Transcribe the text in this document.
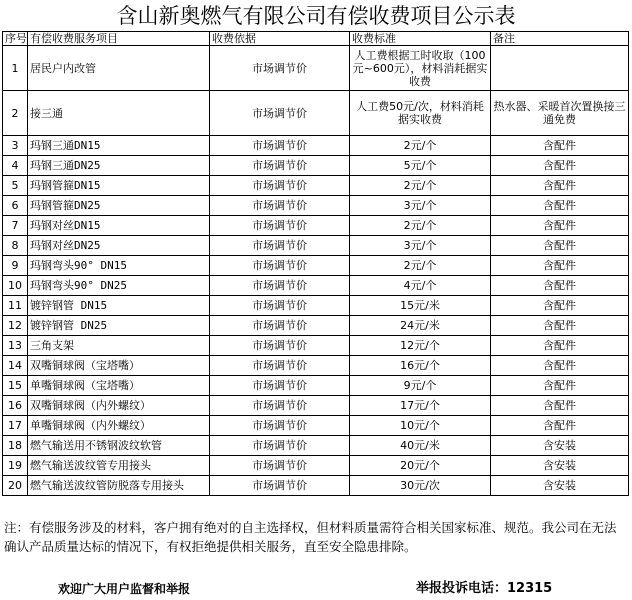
含山新奥燃气有限公司有偿收费项目公示表
序号	有偿收费服务项目	收费依据	收费标准	备注
1	居民户内改管	市场调节价	人工费根据工时收取（100元~600元），材料消耗据实收费	
2	接三通	市场调节价	人工费50元/次，材料消耗据实收费	热水器、采暖首次置换接三通免费
3	玛钢三通DN15	市场调节价	2元/个	含配件
4	玛钢三通DN25	市场调节价	5元/个	含配件
5	玛钢管箍DN15	市场调节价	2元/个	含配件
6	玛钢管箍DN25	市场调节价	3元/个	含配件
7	玛钢对丝DN15	市场调节价	2元/个	含配件
8	玛钢对丝DN25	市场调节价	3元/个	含配件
9	玛钢弯头90° DN15	市场调节价	2元/个	含配件
10	玛钢弯头90° DN25	市场调节价	4元/个	含配件
11	镀锌钢管 DN15	市场调节价	15元/米	含配件
12	镀锌钢管 DN25	市场调节价	24元/米	含配件
13	三角支架	市场调节价	12元/个	含配件
14	双嘴铜球阀（宝塔嘴）	市场调节价	16元/个	含配件
15	单嘴铜球阀（宝塔嘴）	市场调节价	9元/个	含配件
16	双嘴铜球阀（内外螺纹）	市场调节价	17元/个	含配件
17	单嘴铜球阀（内外螺纹）	市场调节价	10元/个	含配件
18	燃气输送用不锈钢波纹软管	市场调节价	40元/米	含安装
19	燃气输送波纹管专用接头	市场调节价	20元/个	含安装
20	燃气输送波纹管防脱落专用接头	市场调节价	30元/次	含安装
注：有偿服务涉及的材料，客户拥有绝对的自主选择权，但材料质量需符合相关国家标准、规范。我公司在无法确认产品质量达标的情况下，有权拒绝提供相关服务，直至安全隐患排除。
欢迎广大用户监督和举报	举报投诉电话：12315
